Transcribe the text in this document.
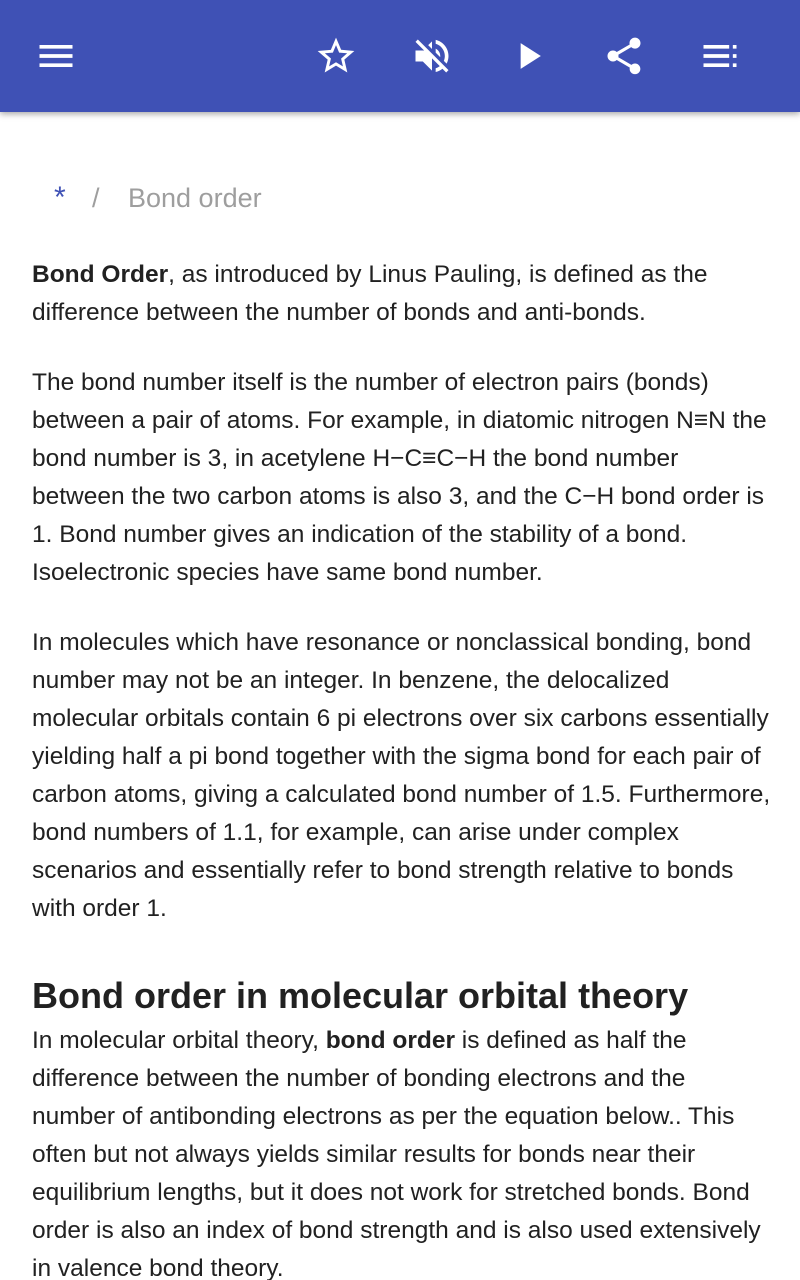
* / Bond order

Bond Order, as introduced by Linus Pauling, is defined as the difference between the number of bonds and anti-bonds.

The bond number itself is the number of electron pairs (bonds) between a pair of atoms. For example, in diatomic nitrogen N≡N the bond number is 3, in acetylene H−C≡C−H the bond number between the two carbon atoms is also 3, and the C−H bond order is 1. Bond number gives an indication of the stability of a bond. Isoelectronic species have same bond number.

In molecules which have resonance or nonclassical bonding, bond number may not be an integer. In benzene, the delocalized molecular orbitals contain 6 pi electrons over six carbons essentially yielding half a pi bond together with the sigma bond for each pair of carbon atoms, giving a calculated bond number of 1.5. Furthermore, bond numbers of 1.1, for example, can arise under complex scenarios and essentially refer to bond strength relative to bonds with order 1.

Bond order in molecular orbital theory

In molecular orbital theory, bond order is defined as half the difference between the number of bonding electrons and the number of antibonding electrons as per the equation below.. This often but not always yields similar results for bonds near their equilibrium lengths, but it does not work for stretched bonds. Bond order is also an index of bond strength and is also used extensively in valence bond theory.
